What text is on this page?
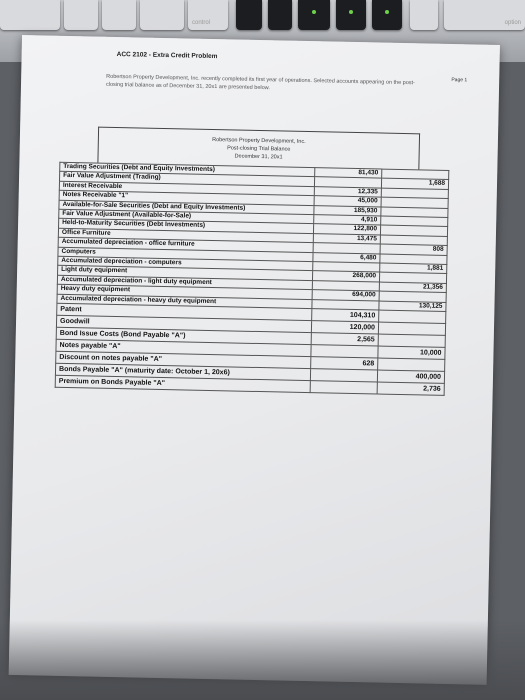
control	option
ACC 2102 - Extra Credit Problem
Page 1
Robertson Property Development, Inc. recently completed its first year of operations. Selected accounts appearing on the post-closing trial balance as of December 31, 20x1 are presented below.
Robertson Property Development, Inc.
Post-closing Trial Balance
December 31, 20x1
Trading Securities (Debt and Equity Investments)	81,430	
Fair Value Adjustment (Trading)		1,688
Interest Receivable	12,335	
Notes Receivable "1"	45,000	
Available-for-Sale Securities (Debt and Equity Investments)	185,930	
Fair Value Adjustment (Available-for-Sale)	4,910	
Held-to-Maturity Securities (Debt Investments)	122,800	
Office Furniture	13,475	
Accumulated depreciation - office furniture		808
Computers	6,480	
Accumulated depreciation - computers		1,881
Light duty equipment	268,000	
Accumulated depreciation - light duty equipment		21,356
Heavy duty equipment	694,000	
Accumulated depreciation - heavy duty equipment		130,125
Patent	104,310	
Goodwill	120,000	
Bond Issue Costs (Bond Payable "A")	2,565	
Notes payable "A"		10,000
Discount on notes payable "A"	628	
Bonds Payable "A" (maturity date: October 1, 20x6)		400,000
Premium on Bonds Payable "A"		2,736
